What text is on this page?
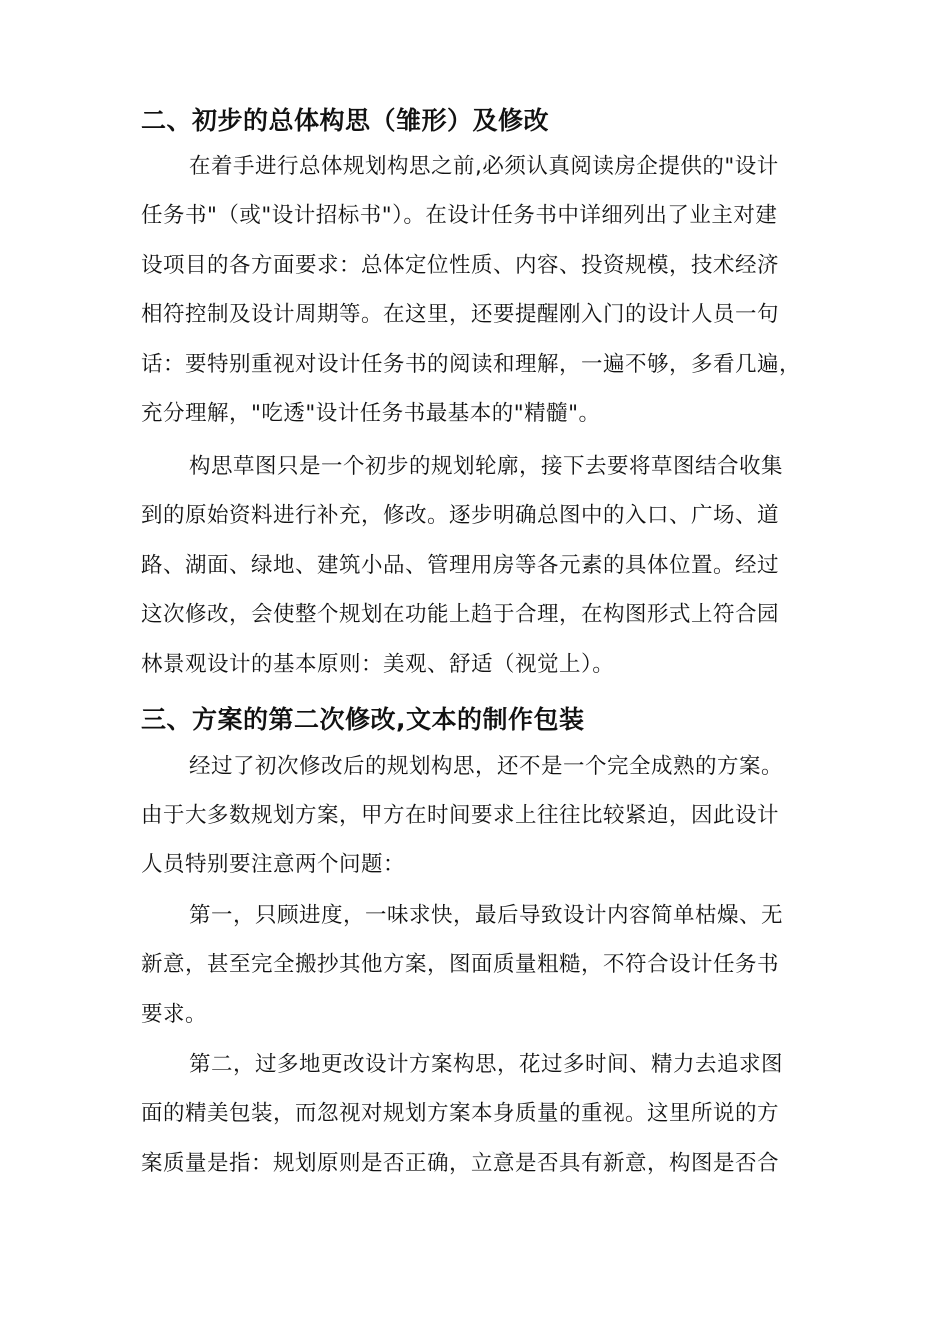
二、初步的总体构思（雏形）及修改
在着手进行总体规划构思之前,必须认真阅读房企提供的"设计
任务书"（或"设计招标书"）。在设计任务书中详细列出了业主对建
设项目的各方面要求：总体定位性质、内容、投资规模，技术经济
相符控制及设计周期等。在这里，还要提醒刚入门的设计人员一句
话：要特别重视对设计任务书的阅读和理解，一遍不够，多看几遍，
充分理解，"吃透"设计任务书最基本的"精髓"。
构思草图只是一个初步的规划轮廓，接下去要将草图结合收集
到的原始资料进行补充，修改。逐步明确总图中的入口、广场、道
路、湖面、绿地、建筑小品、管理用房等各元素的具体位置。经过
这次修改，会使整个规划在功能上趋于合理，在构图形式上符合园
林景观设计的基本原则：美观、舒适（视觉上）。
三、方案的第二次修改,文本的制作包装
经过了初次修改后的规划构思，还不是一个完全成熟的方案。
由于大多数规划方案，甲方在时间要求上往往比较紧迫，因此设计
人员特别要注意两个问题：
第一，只顾进度，一味求快，最后导致设计内容简单枯燥、无
新意，甚至完全搬抄其他方案，图面质量粗糙，不符合设计任务书
要求。
第二，过多地更改设计方案构思，花过多时间、精力去追求图
面的精美包装，而忽视对规划方案本身质量的重视。这里所说的方
案质量是指：规划原则是否正确，立意是否具有新意，构图是否合
